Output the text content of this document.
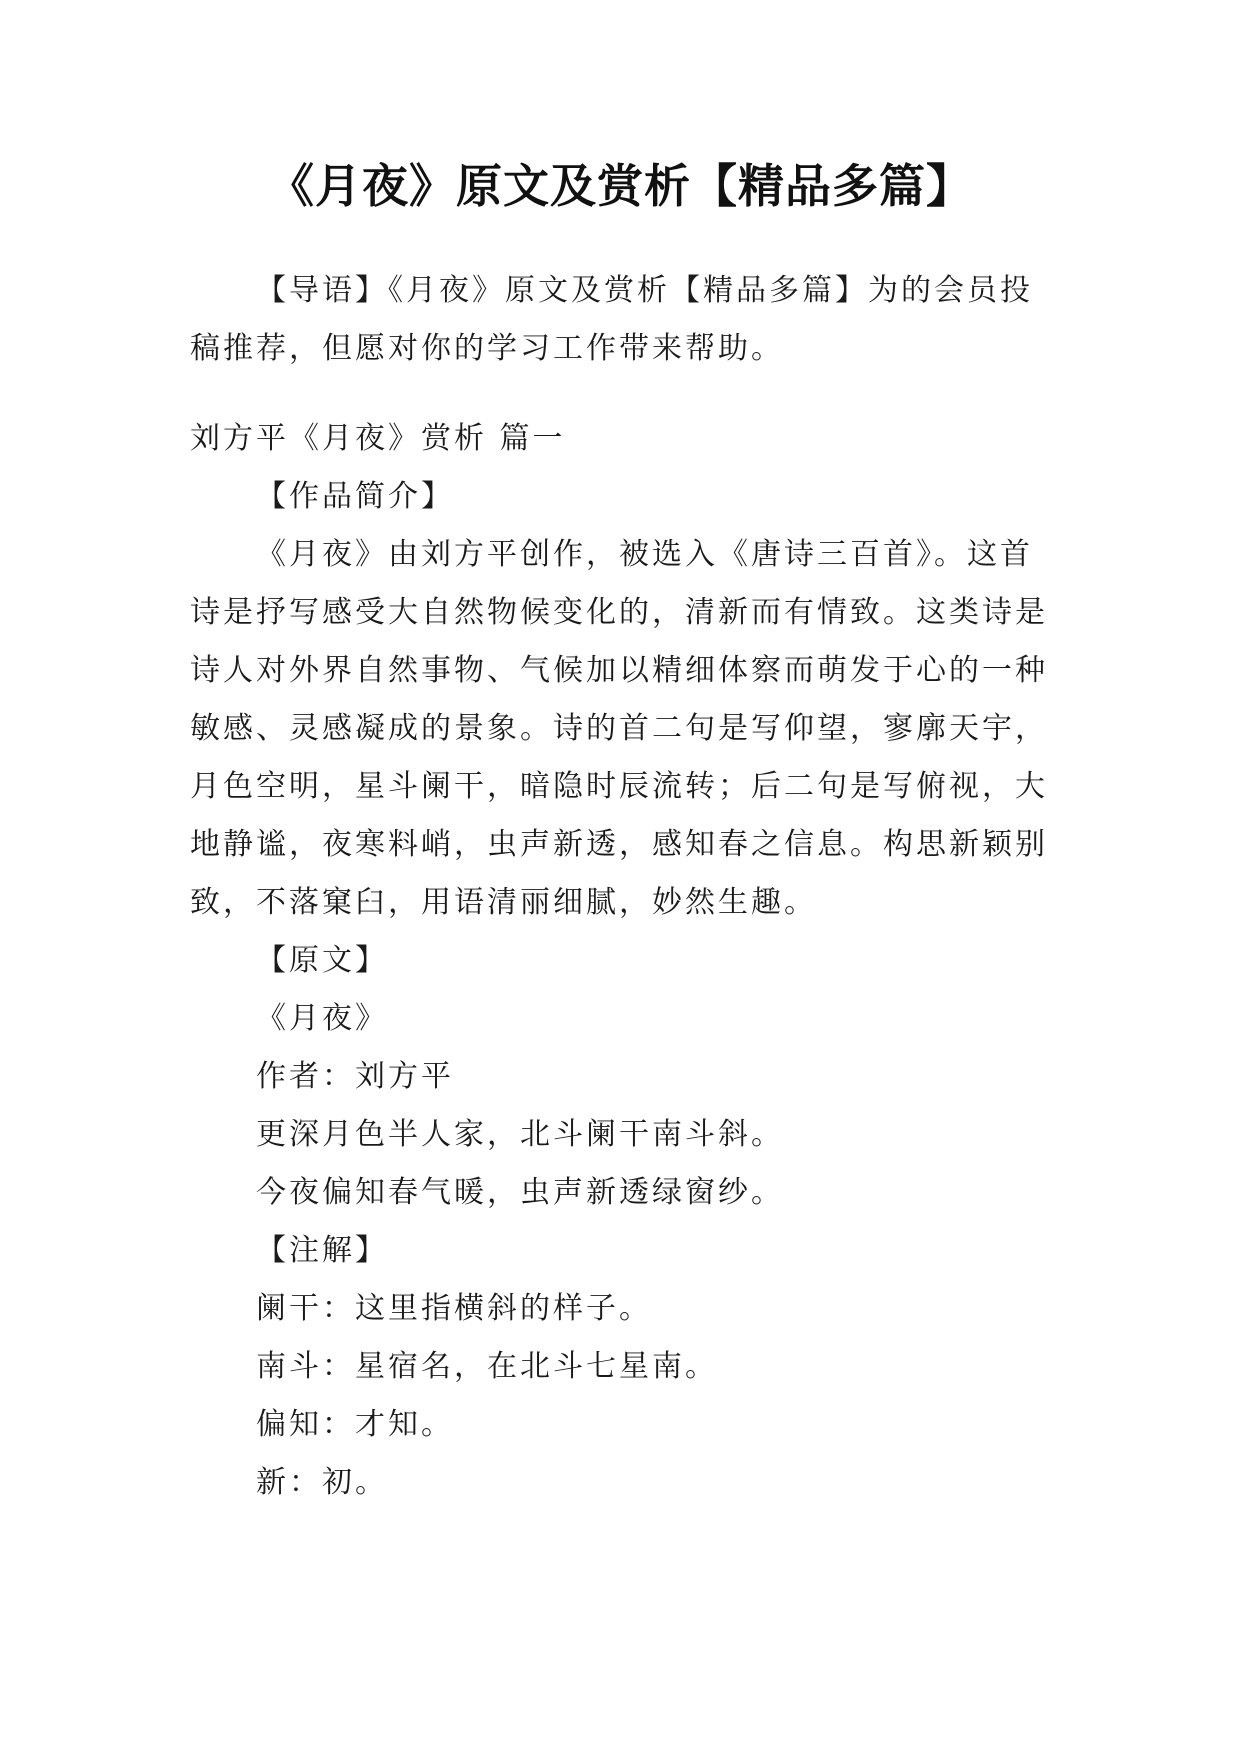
《月夜》原文及赏析【精品多篇】

【导语】《月夜》原文及赏析【精品多篇】为的会员投稿推荐，但愿对你的学习工作带来帮助。

刘方平《月夜》赏析 篇一

【作品简介】

《月夜》由刘方平创作，被选入《唐诗三百首》。这首诗是抒写感受大自然物候变化的，清新而有情致。这类诗是诗人对外界自然事物、气候加以精细体察而萌发于心的一种敏感、灵感凝成的景象。诗的首二句是写仰望，寥廓天宇，月色空明，星斗阑干，暗隐时辰流转；后二句是写俯视，大地静谧，夜寒料峭，虫声新透，感知春之信息。构思新颖别致，不落窠臼，用语清丽细腻，妙然生趣。

【原文】

《月夜》

作者：刘方平

更深月色半人家，北斗阑干南斗斜。

今夜偏知春气暖，虫声新透绿窗纱。

【注解】

阑干：这里指横斜的样子。

南斗：星宿名，在北斗七星南。

偏知：才知。

新：初。
